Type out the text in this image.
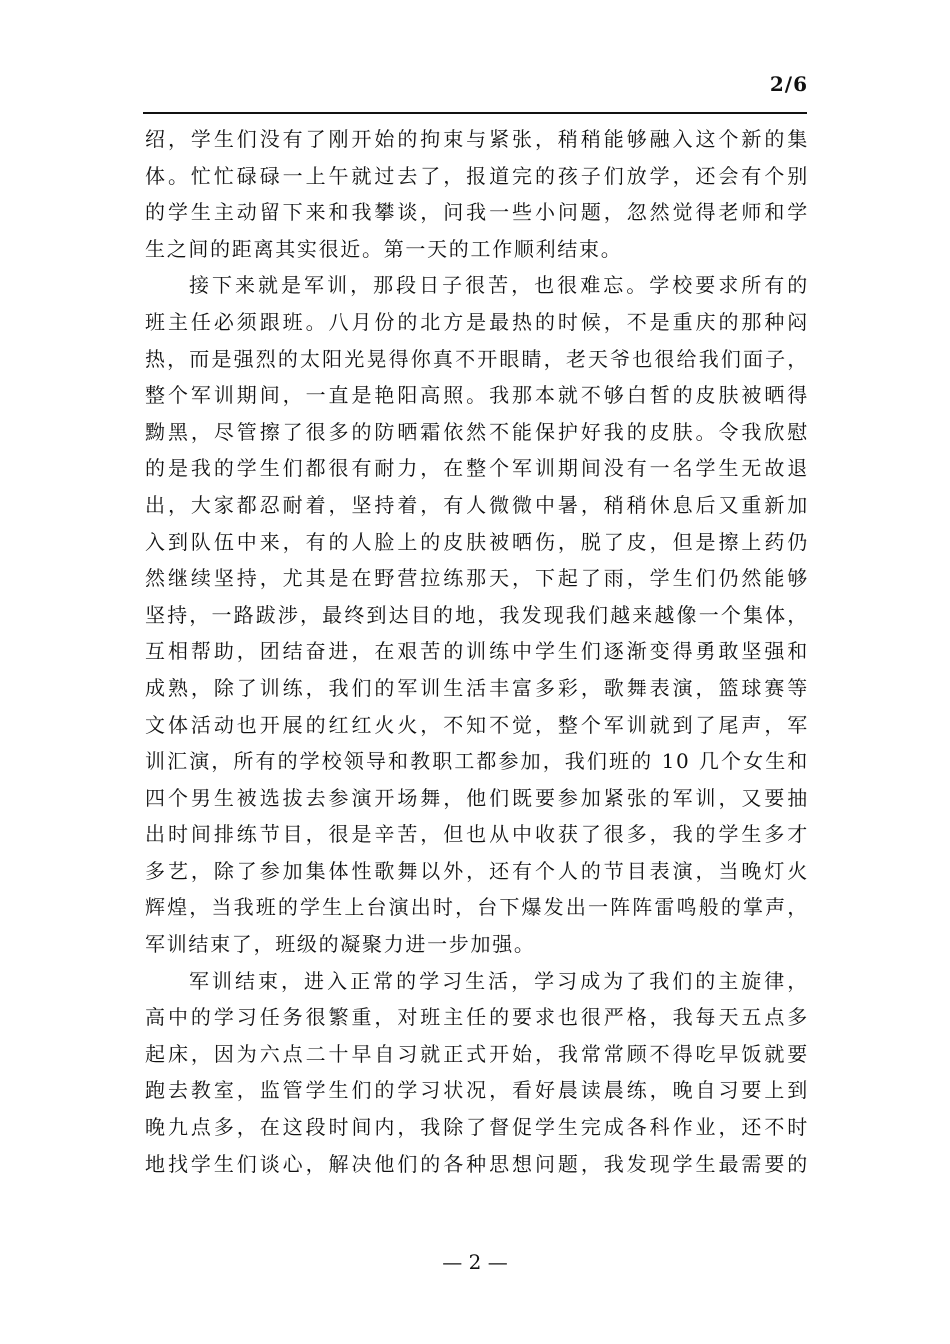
2/6
绍，学生们没有了刚开始的拘束与紧张，稍稍能够融入这个新的集
体。忙忙碌碌一上午就过去了，报道完的孩子们放学，还会有个别
的学生主动留下来和我攀谈，问我一些小问题，忽然觉得老师和学
生之间的距离其实很近。第一天的工作顺利结束。
接下来就是军训，那段日子很苦，也很难忘。学校要求所有的
班主任必须跟班。八月份的北方是最热的时候，不是重庆的那种闷
热，而是强烈的太阳光晃得你真不开眼睛，老天爷也很给我们面子，
整个军训期间，一直是艳阳高照。我那本就不够白皙的皮肤被晒得
黝黑，尽管擦了很多的防晒霜依然不能保护好我的皮肤。令我欣慰
的是我的学生们都很有耐力，在整个军训期间没有一名学生无故退
出，大家都忍耐着，坚持着，有人微微中暑，稍稍休息后又重新加
入到队伍中来，有的人脸上的皮肤被晒伤，脱了皮，但是擦上药仍
然继续坚持，尤其是在野营拉练那天，下起了雨，学生们仍然能够
坚持，一路跋涉，最终到达目的地，我发现我们越来越像一个集体，
互相帮助，团结奋进，在艰苦的训练中学生们逐渐变得勇敢坚强和
成熟，除了训练，我们的军训生活丰富多彩，歌舞表演，篮球赛等
文体活动也开展的红红火火，不知不觉，整个军训就到了尾声，军
训汇演，所有的学校领导和教职工都参加，我们班的 10 几个女生和
四个男生被选拔去参演开场舞，他们既要参加紧张的军训，又要抽
出时间排练节目，很是辛苦，但也从中收获了很多，我的学生多才
多艺，除了参加集体性歌舞以外，还有个人的节目表演，当晚灯火
辉煌，当我班的学生上台演出时，台下爆发出一阵阵雷鸣般的掌声，
军训结束了，班级的凝聚力进一步加强。
军训结束，进入正常的学习生活，学习成为了我们的主旋律，
高中的学习任务很繁重，对班主任的要求也很严格，我每天五点多
起床，因为六点二十早自习就正式开始，我常常顾不得吃早饭就要
跑去教室，监管学生们的学习状况，看好晨读晨练，晚自习要上到
晚九点多，在这段时间内，我除了督促学生完成各科作业，还不时
地找学生们谈心，解决他们的各种思想问题，我发现学生最需要的
— 2 —
